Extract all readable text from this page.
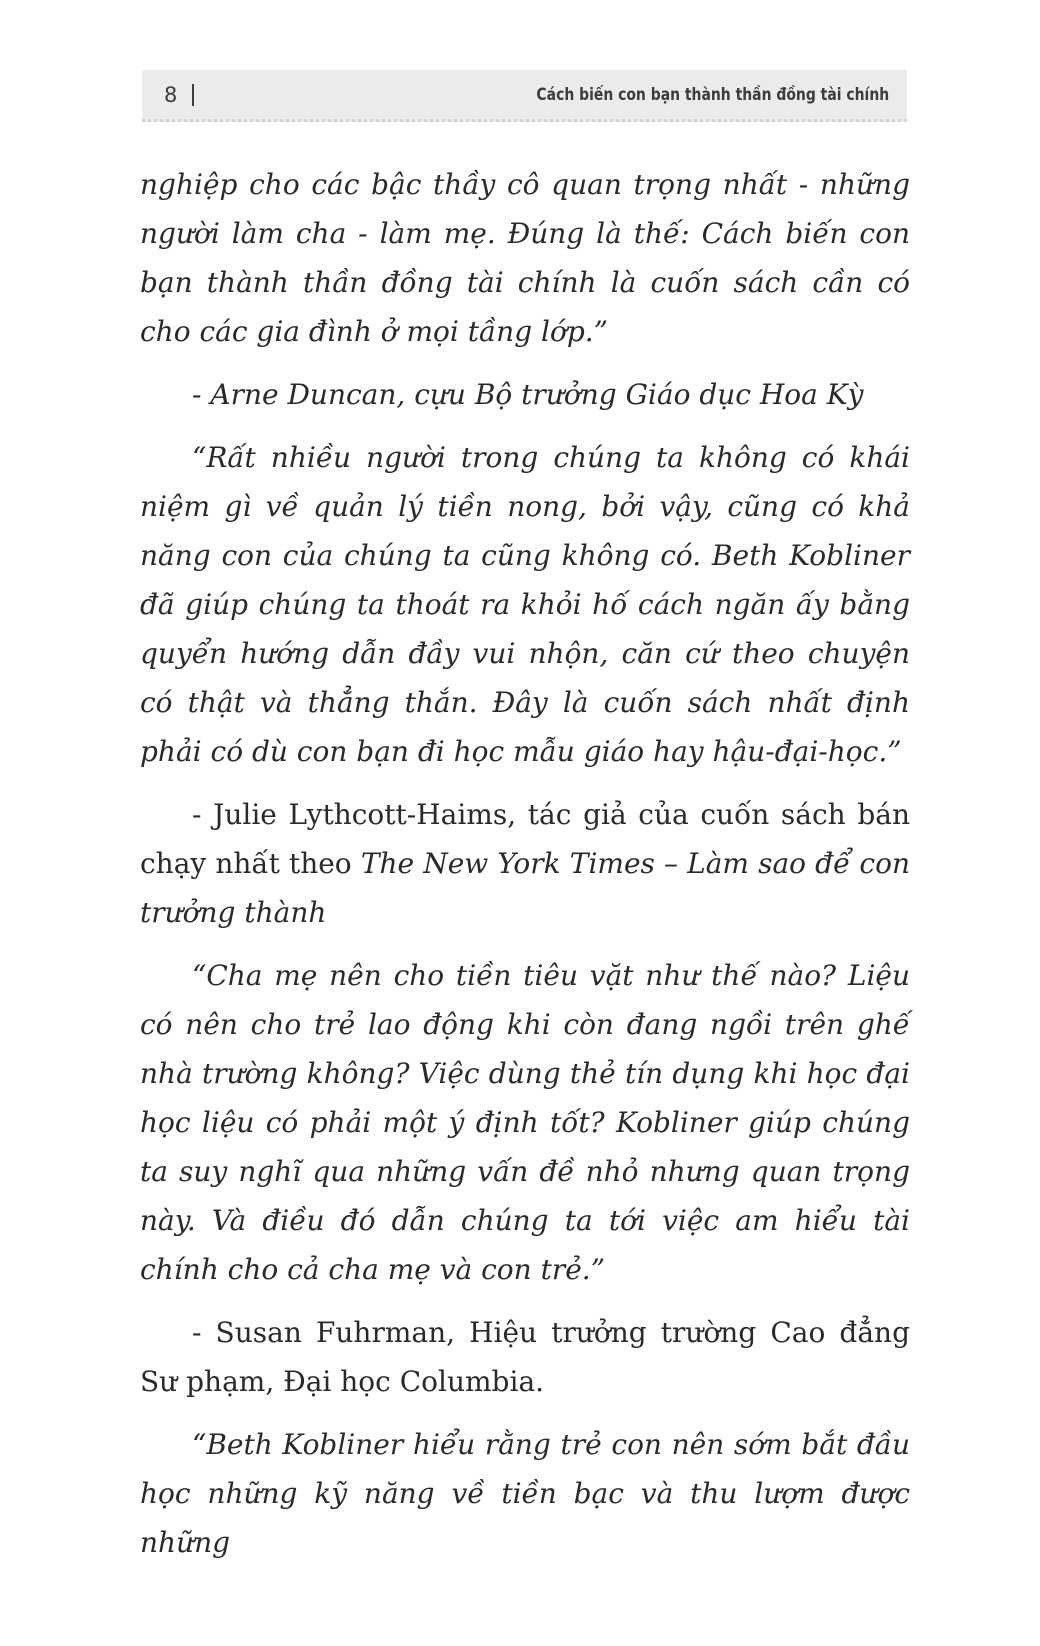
8	Cách biến con bạn thành thần đồng tài chính

nghiệp cho các bậc thầy cô quan trọng nhất - những người làm cha - làm mẹ. Đúng là thế: Cách biến con bạn thành thần đồng tài chính là cuốn sách cần có cho các gia đình ở mọi tầng lớp.”

- Arne Duncan, cựu Bộ trưởng Giáo dục Hoa Kỳ

“Rất nhiều người trong chúng ta không có khái niệm gì về quản lý tiền nong, bởi vậy, cũng có khả năng con của chúng ta cũng không có. Beth Kobliner đã giúp chúng ta thoát ra khỏi hố cách ngăn ấy bằng quyển hướng dẫn đầy vui nhộn, căn cứ theo chuyện có thật và thẳng thắn. Đây là cuốn sách nhất định phải có dù con bạn đi học mẫu giáo hay hậu-đại-học.”

- Julie Lythcott-Haims, tác giả của cuốn sách bán chạy nhất theo The New York Times – Làm sao để con trưởng thành

“Cha mẹ nên cho tiền tiêu vặt như thế nào? Liệu có nên cho trẻ lao động khi còn đang ngồi trên ghế nhà trường không? Việc dùng thẻ tín dụng khi học đại học liệu có phải một ý định tốt? Kobliner giúp chúng ta suy nghĩ qua những vấn đề nhỏ nhưng quan trọng này. Và điều đó dẫn chúng ta tới việc am hiểu tài chính cho cả cha mẹ và con trẻ.”

- Susan Fuhrman, Hiệu trưởng trường Cao đẳng Sư phạm, Đại học Columbia.

“Beth Kobliner hiểu rằng trẻ con nên sớm bắt đầu học những kỹ năng về tiền bạc và thu lượm được những
